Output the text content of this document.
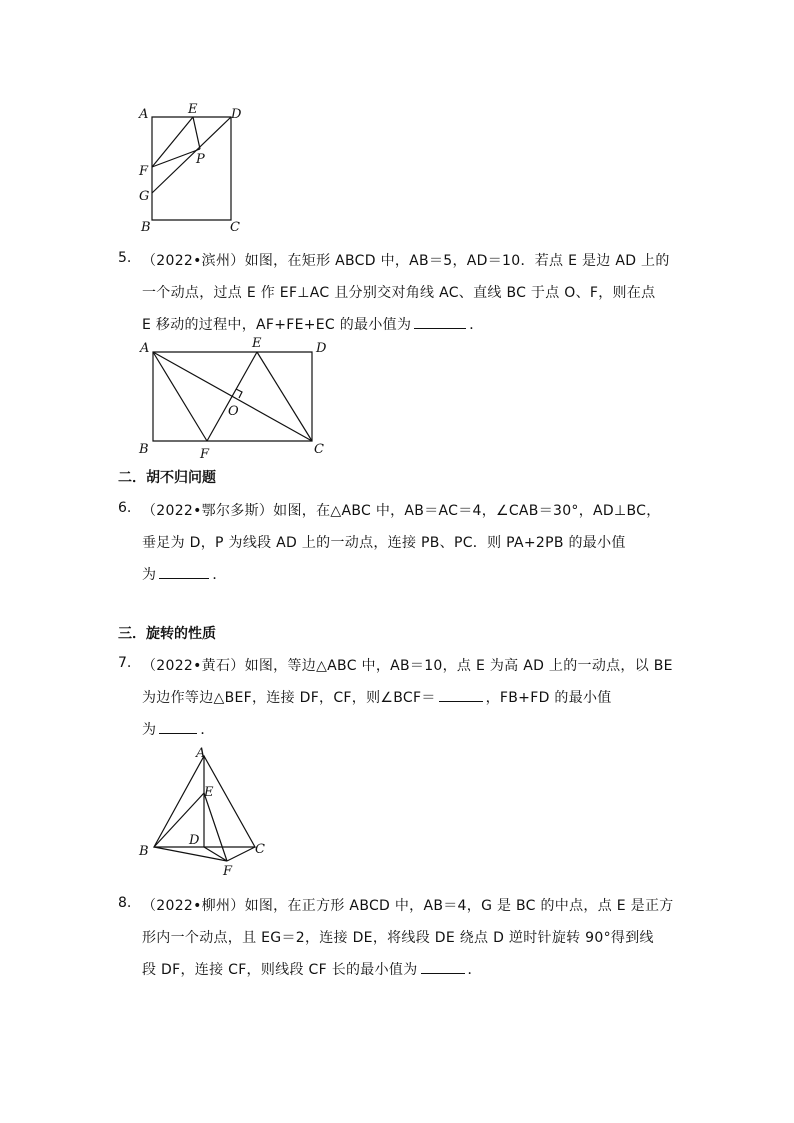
A	E	D
F
P
G
B	C
5. （2022•滨州）如图，在矩形 ABCD 中，AB＝5，AD＝10．若点 E 是边 AD 上的
一个动点，过点 E 作 EF⊥AC 且分别交对角线 AC、直线 BC 于点 O、F，则在点
E 移动的过程中，AF+FE+EC 的最小值为	．
A	E	D
O
B	F	C
二．胡不归问题
6. （2022•鄂尔多斯）如图，在△ABC 中，AB＝AC＝4，∠CAB＝30°，AD⊥BC，
垂足为 D，P 为线段 AD 上的一动点，连接 PB、PC．则 PA+2PB 的最小值
为	．
三．旋转的性质
7. （2022•黄石）如图，等边△ABC 中，AB＝10，点 E 为高 AD 上的一动点，以 BE
为边作等边△BEF，连接 DF，CF，则∠BCF＝	，FB+FD 的最小值
为	．
A
E
D
B	C
F
8. （2022•柳州）如图，在正方形 ABCD 中，AB＝4，G 是 BC 的中点，点 E 是正方
形内一个动点，且 EG＝2，连接 DE，将线段 DE 绕点 D 逆时针旋转 90°得到线
段 DF，连接 CF，则线段 CF 长的最小值为	．
